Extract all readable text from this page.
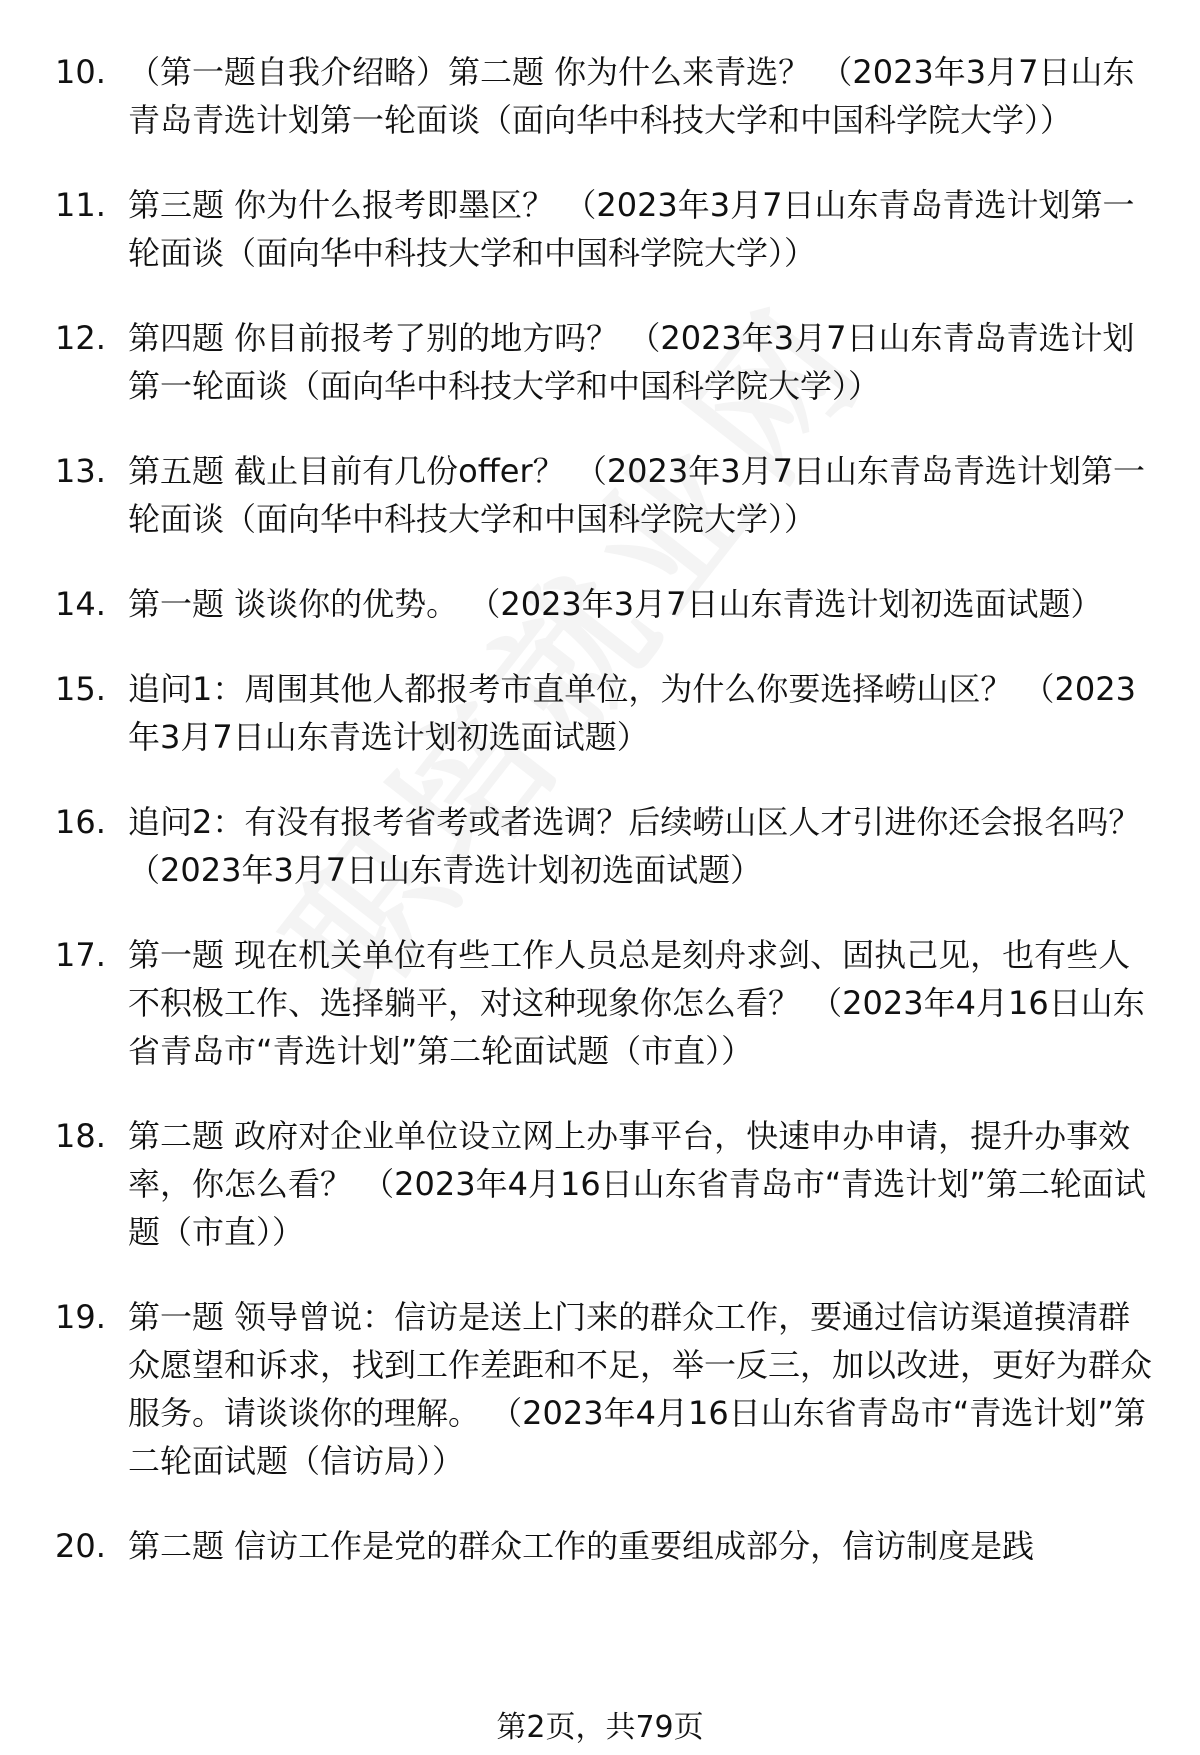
10. （第一题自我介绍略）第二题 你为什么来青选？ （2023年3月7日山东青岛青选计划第一轮面谈（面向华中科技大学和中国科学院大学））
11. 第三题 你为什么报考即墨区？ （2023年3月7日山东青岛青选计划第一轮面谈（面向华中科技大学和中国科学院大学））
12. 第四题 你目前报考了别的地方吗？ （2023年3月7日山东青岛青选计划第一轮面谈（面向华中科技大学和中国科学院大学））
13. 第五题 截止目前有几份offer？ （2023年3月7日山东青岛青选计划第一轮面谈（面向华中科技大学和中国科学院大学））
14. 第一题 谈谈你的优势。 （2023年3月7日山东青选计划初选面试题）
15. 追问1：周围其他人都报考市直单位，为什么你要选择崂山区？ （2023年3月7日山东青选计划初选面试题）
16. 追问2：有没有报考省考或者选调？后续崂山区人才引进你还会报名吗？ （2023年3月7日山东青选计划初选面试题）
17. 第一题 现在机关单位有些工作人员总是刻舟求剑、固执己见，也有些人不积极工作、选择躺平，对这种现象你怎么看？ （2023年4月16日山东省青岛市“青选计划”第二轮面试题（市直））
18. 第二题 政府对企业单位设立网上办事平台，快速申办申请，提升办事效率，你怎么看？ （2023年4月16日山东省青岛市“青选计划”第二轮面试题（市直））
19. 第一题 领导曾说：信访是送上门来的群众工作，要通过信访渠道摸清群众愿望和诉求，找到工作差距和不足，举一反三，加以改进，更好为群众服务。请谈谈你的理解。 （2023年4月16日山东省青岛市“青选计划”第二轮面试题（信访局））
20. 第二题 信访工作是党的群众工作的重要组成部分，信访制度是践
第2页，共79页
